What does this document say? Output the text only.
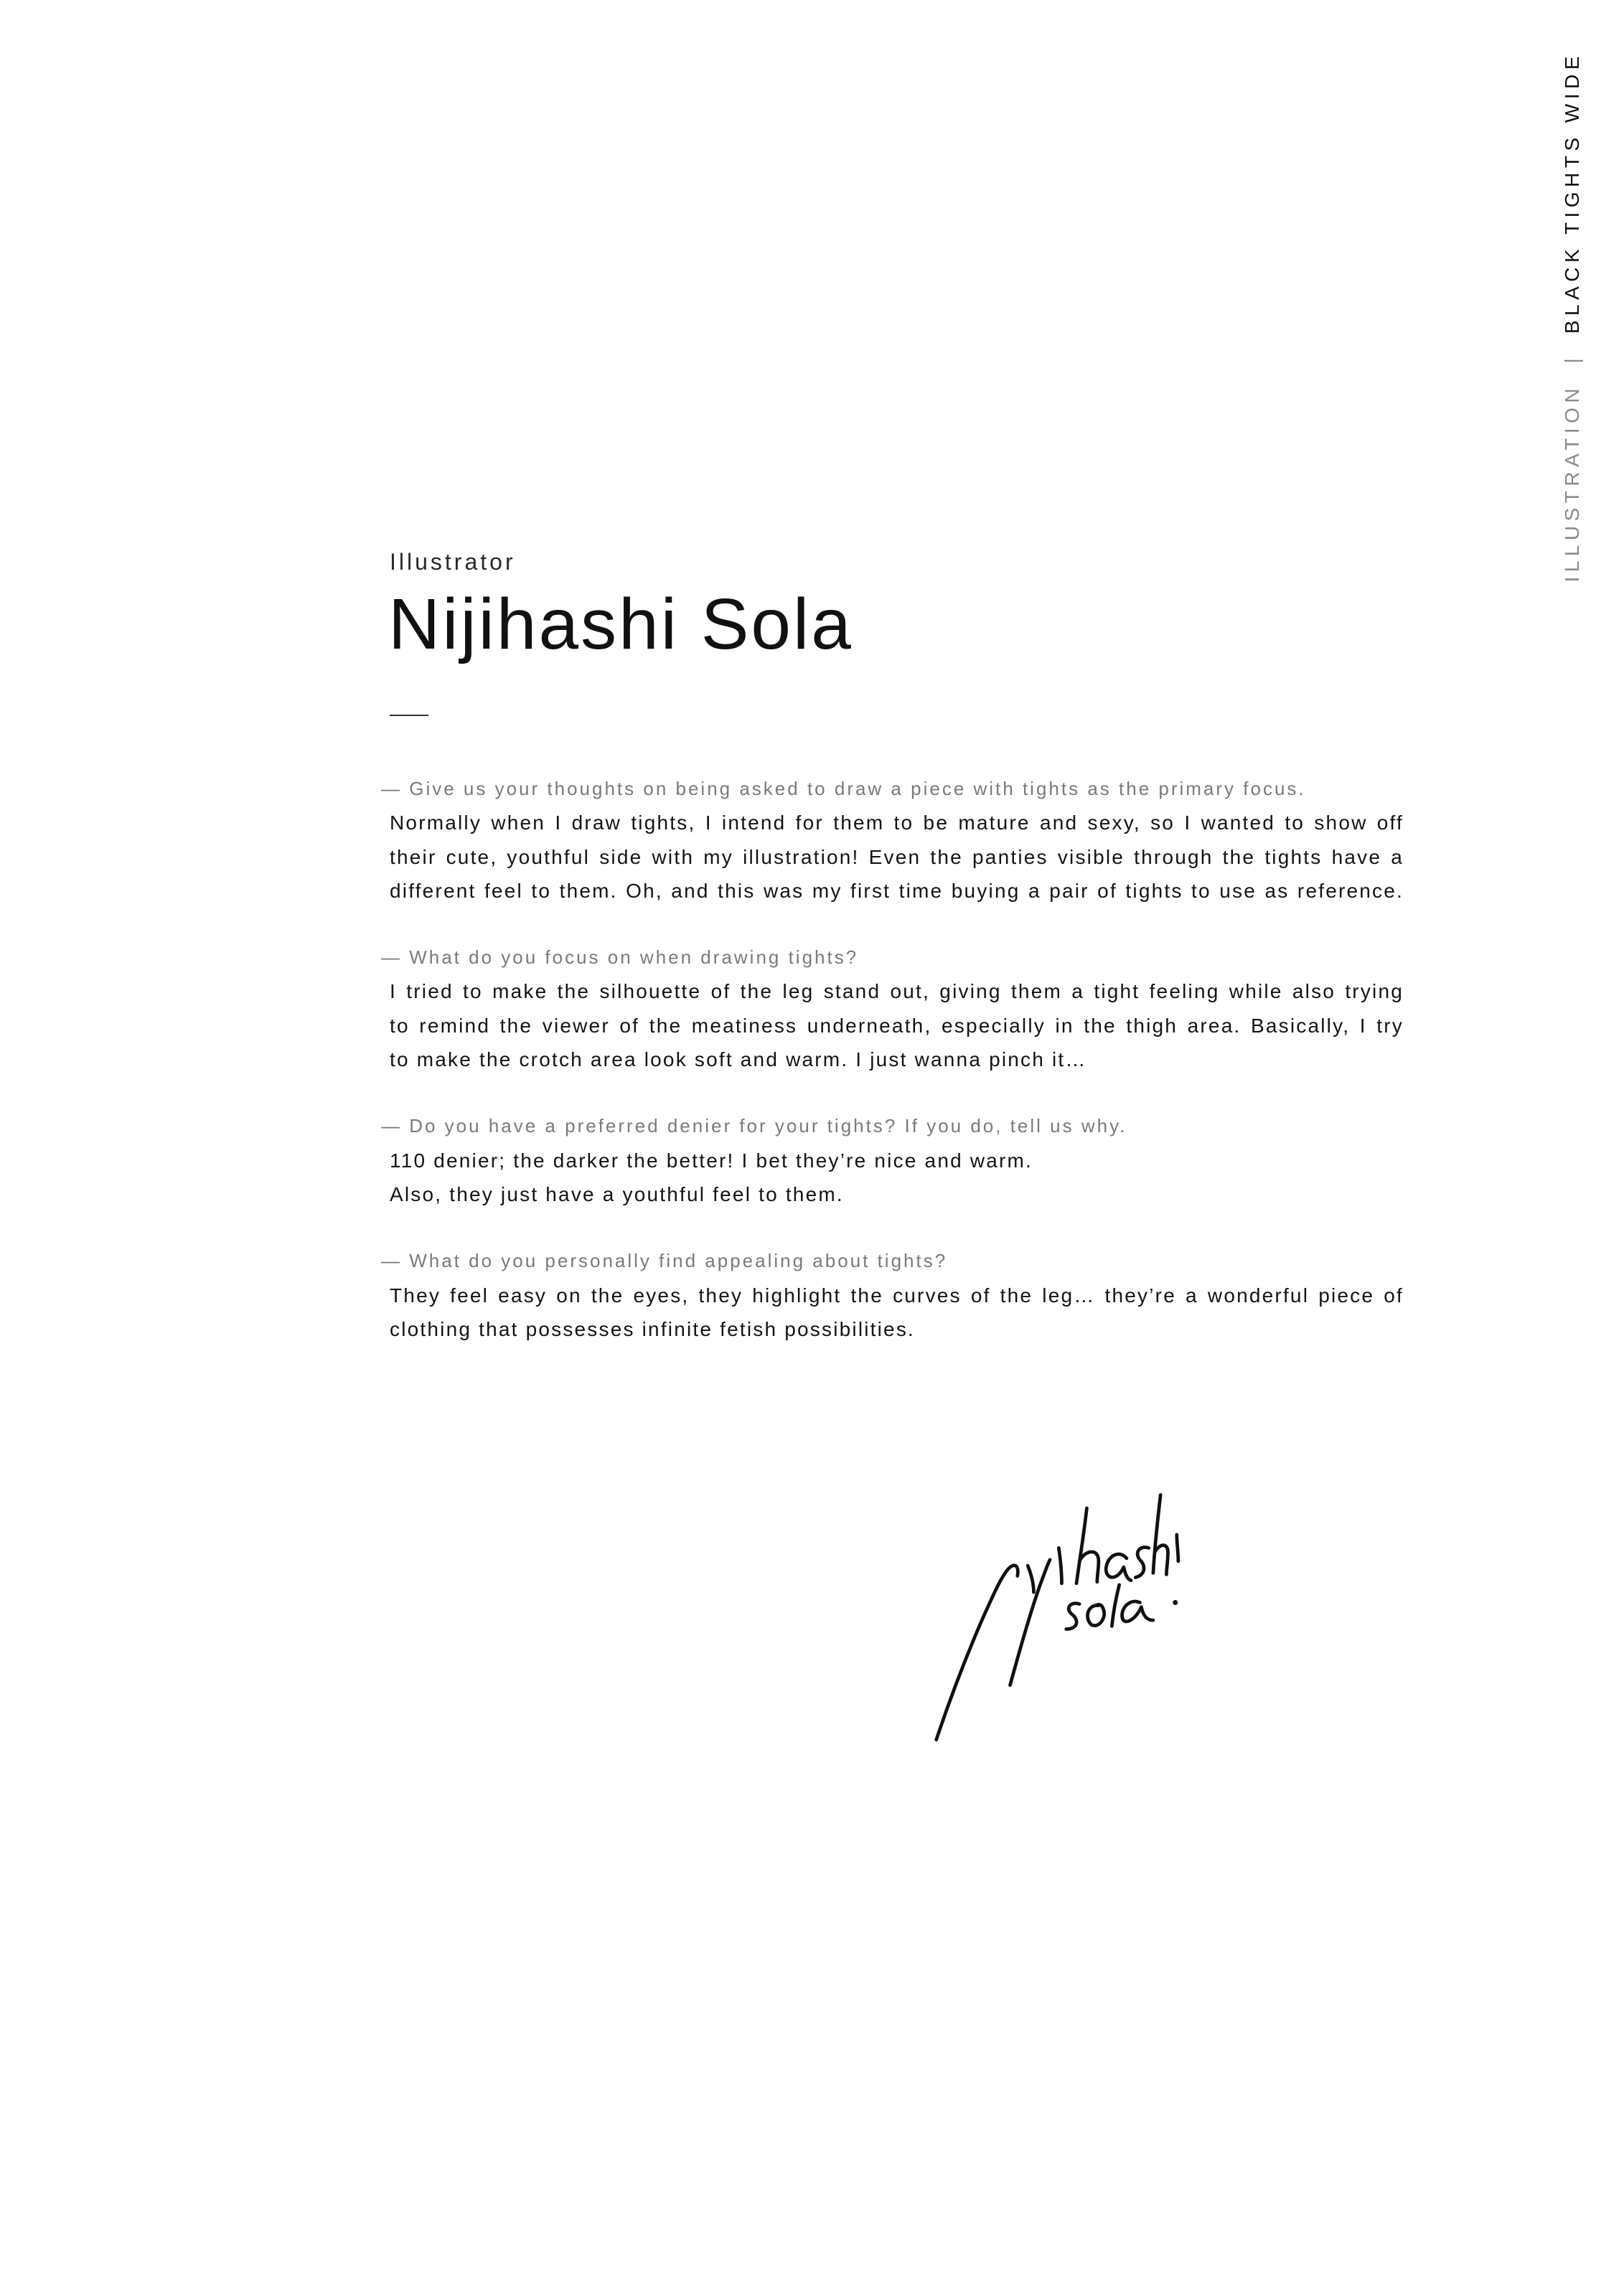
ILLUSTRATION|BLACK TIGHTS WIDE
Illustrator
Nijihashi Sola
— Give us your thoughts on being asked to draw a piece with tights as the primary focus.
Normally when I draw tights, I intend for them to be mature and sexy, so I wanted to show off
their cute, youthful side with my illustration! Even the panties visible through the tights have a
different feel to them. Oh, and this was my first time buying a pair of tights to use as reference.
— What do you focus on when drawing tights?
I tried to make the silhouette of the leg stand out, giving them a tight feeling while also trying
to remind the viewer of the meatiness underneath, especially in the thigh area. Basically, I try
to make the crotch area look soft and warm. I just wanna pinch it…
— Do you have a preferred denier for your tights? If you do, tell us why.
110 denier; the darker the better! I bet they’re nice and warm.
Also, they just have a youthful feel to them.
— What do you personally find appealing about tights?
They feel easy on the eyes, they highlight the curves of the leg… they’re a wonderful piece of
clothing that possesses infinite fetish possibilities.
